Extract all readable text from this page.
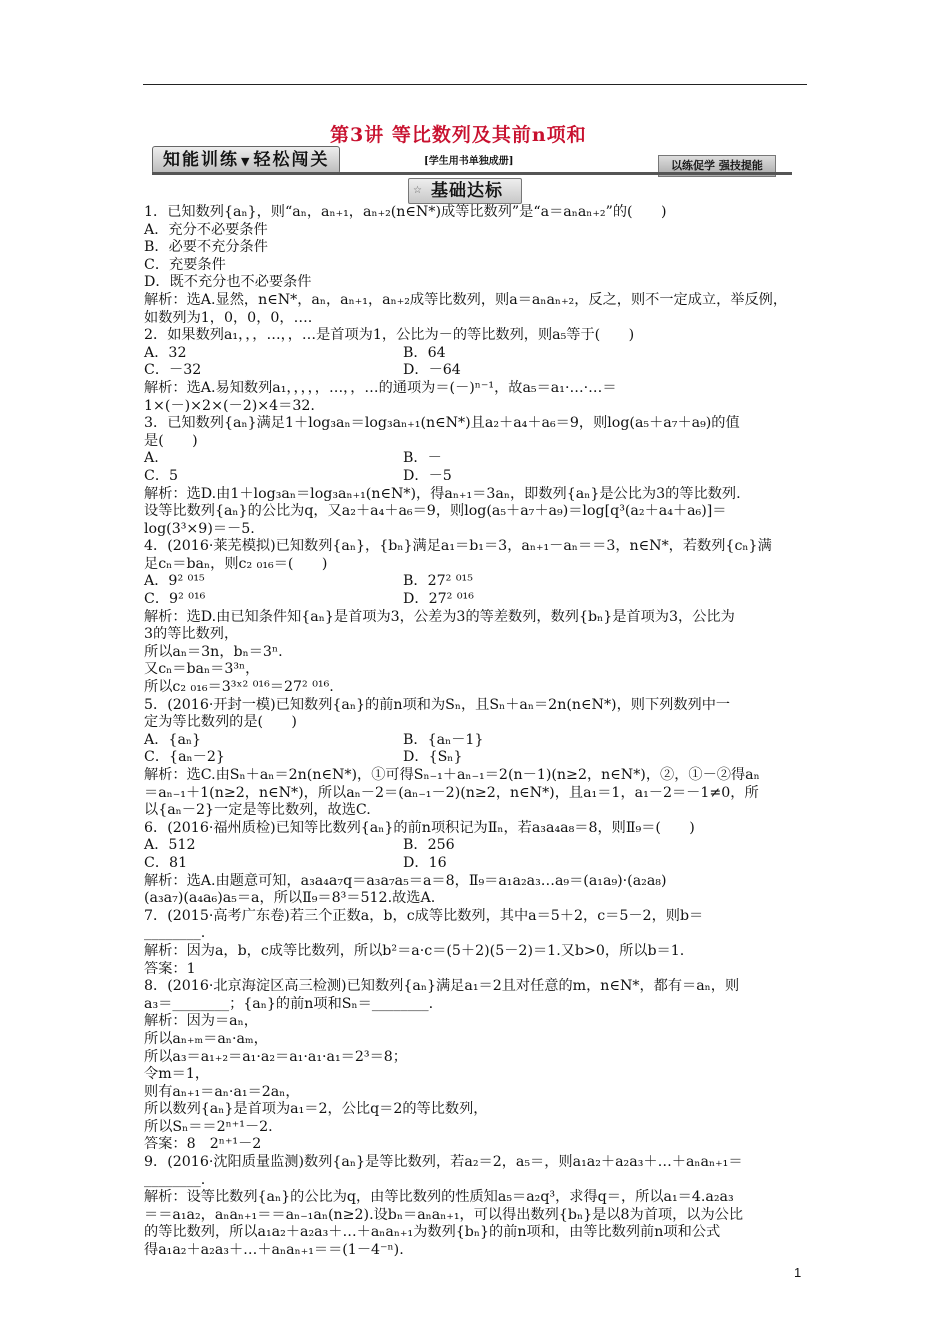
第3讲 等比数列及其前n项和
知能训练 ▼ 轻松闯关	[学生用书单独成册]	以练促学 强技提能
☆ 基础达标
1．已知数列{aₙ}，则“aₙ，aₙ₊₁，aₙ₊₂(n∈N*)成等比数列”是“a＝aₙaₙ₊₂”的(　　)
A．充分不必要条件
B．必要不充分条件
C．充要条件
D．既不充分也不必要条件
解析：选A.显然，n∈N*，aₙ，aₙ₊₁，aₙ₊₂成等比数列，则a＝aₙaₙ₊₂，反之，则不一定成立，举反例，
如数列为1，0，0，0，….
2．如果数列a₁，，，…，，…是首项为1，公比为－的等比数列，则a₅等于(　　)
A．32	B．64
C．－32	D．－64
解析：选A.易知数列a₁，，，，，…，，…的通项为＝(－)ⁿ⁻¹，故a₅＝a₁·…·…＝
1×(－)×2×(－2)×4＝32.
3．已知数列{aₙ}满足1＋log₃aₙ＝log₃aₙ₊₁(n∈N*)且a₂＋a₄＋a₆＝9，则log(a₅＋a₇＋a₉)的值
是(　　)
A.	B．－
C．5	D．－5
解析：选D.由1＋log₃aₙ＝log₃aₙ₊₁(n∈N*)，得aₙ₊₁＝3aₙ，即数列{aₙ}是公比为3的等比数列.
设等比数列{aₙ}的公比为q，又a₂＋a₄＋a₆＝9，则log(a₅＋a₇＋a₉)＝log[q³(a₂＋a₄＋a₆)]＝
log(3³×9)＝－5.
4．(2016·莱芜模拟)已知数列{aₙ}，{bₙ}满足a₁＝b₁＝3，aₙ₊₁－aₙ＝＝3，n∈N*，若数列{cₙ}满
足cₙ＝baₙ，则c₂ ₀₁₆＝(　　)
A．9² ⁰¹⁵	B．27² ⁰¹⁵
C．9² ⁰¹⁶	D．27² ⁰¹⁶
解析：选D.由已知条件知{aₙ}是首项为3，公差为3的等差数列，数列{bₙ}是首项为3，公比为
3的等比数列，
所以aₙ＝3n，bₙ＝3ⁿ.
又cₙ＝baₙ＝3³ⁿ，
所以c₂ ₀₁₆＝3³ˣ² ⁰¹⁶＝27² ⁰¹⁶.
5．(2016·开封一模)已知数列{aₙ}的前n项和为Sₙ，且Sₙ＋aₙ＝2n(n∈N*)，则下列数列中一
定为等比数列的是(　　)
A．{aₙ}	B．{aₙ－1}
C．{aₙ－2}	D．{Sₙ}
解析：选C.由Sₙ＋aₙ＝2n(n∈N*)，①可得Sₙ₋₁＋aₙ₋₁＝2(n－1)(n≥2，n∈N*)，②，①－②得aₙ
＝aₙ₋₁＋1(n≥2，n∈N*)，所以aₙ－2＝(aₙ₋₁－2)(n≥2，n∈N*)，且a₁＝1，a₁－2＝－1≠0，所
以{aₙ－2}一定是等比数列，故选C.
6．(2016·福州质检)已知等比数列{aₙ}的前n项积记为Ⅱₙ，若a₃a₄a₈＝8，则Ⅱ₉＝(　　)
A．512	B．256
C．81	D．16
解析：选A.由题意可知，a₃a₄a₇q＝a₃a₇a₅＝a＝8，Ⅱ₉＝a₁a₂a₃…a₉＝(a₁a₉)·(a₂a₈)
(a₃a₇)(a₄a₆)a₅＝a，所以Ⅱ₉＝8³＝512.故选A.
7．(2015·高考广东卷)若三个正数a，b，c成等比数列，其中a＝5＋2，c＝5－2，则b＝
________.
解析：因为a，b，c成等比数列，所以b²＝a·c＝(5＋2)(5－2)＝1.又b>0，所以b＝1.
答案：1
8．(2016·北京海淀区高三检测)已知数列{aₙ}满足a₁＝2且对任意的m，n∈N*，都有＝aₙ，则
a₃＝________；{aₙ}的前n项和Sₙ＝________.
解析：因为＝aₙ，
所以aₙ₊ₘ＝aₙ·aₘ，
所以a₃＝a₁₊₂＝a₁·a₂＝a₁·a₁·a₁＝2³＝8；
令m＝1，
则有aₙ₊₁＝aₙ·a₁＝2aₙ，
所以数列{aₙ}是首项为a₁＝2，公比q＝2的等比数列，
所以Sₙ＝＝2ⁿ⁺¹－2.
答案：8　2ⁿ⁺¹－2
9．(2016·沈阳质量监测)数列{aₙ}是等比数列，若a₂＝2，a₅＝，则a₁a₂＋a₂a₃＋…＋aₙaₙ₊₁＝
________.
解析：设等比数列{aₙ}的公比为q，由等比数列的性质知a₅＝a₂q³，求得q＝，所以a₁＝4.a₂a₃
＝＝a₁a₂，aₙaₙ₊₁＝＝aₙ₋₁aₙ(n≥2).设bₙ＝aₙaₙ₊₁，可以得出数列{bₙ}是以8为首项，以为公比
的等比数列，所以a₁a₂＋a₂a₃＋…＋aₙaₙ₊₁为数列{bₙ}的前n项和，由等比数列前n项和公式
得a₁a₂＋a₂a₃＋…＋aₙaₙ₊₁＝＝(1－4⁻ⁿ).
1
